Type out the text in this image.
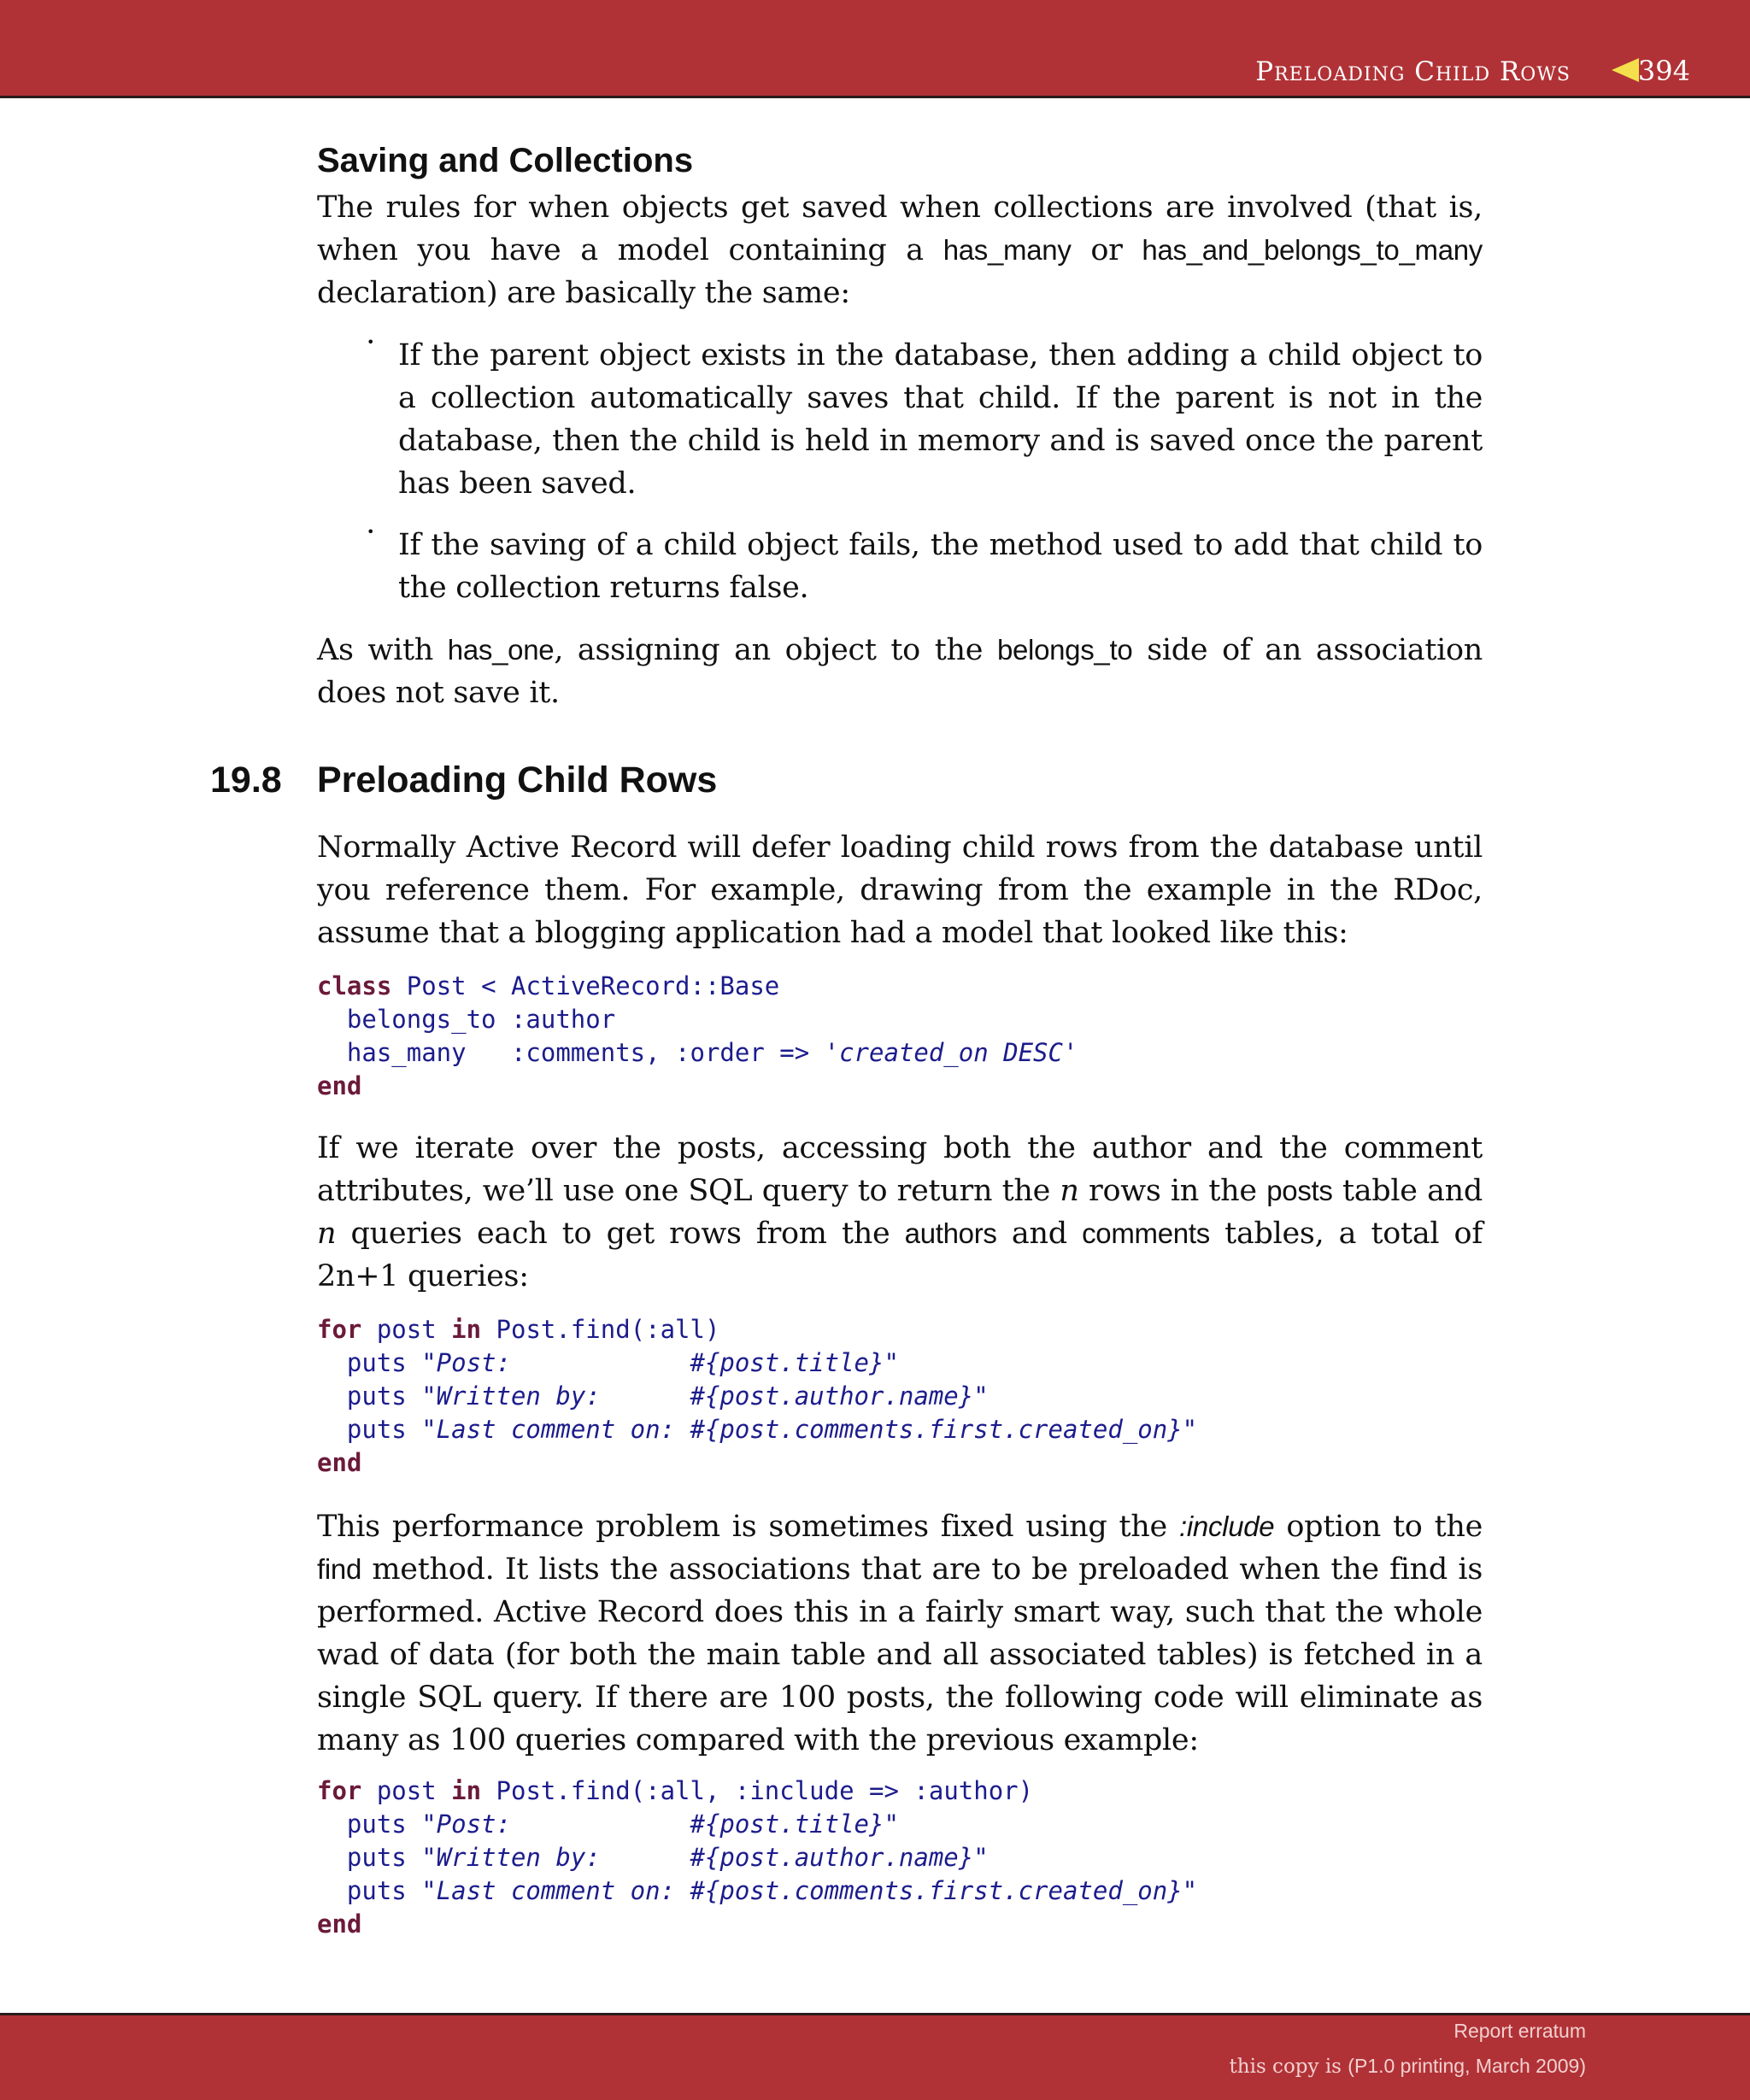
Preloading Child Rows 394
Saving and Collections

The rules for when objects get saved when collections are involved (that is, when you have a model containing a has_many or has_and_belongs_to_many declaration) are basically the same:

• If the parent object exists in the database, then adding a child object to a collection automatically saves that child. If the parent is not in the database, then the child is held in memory and is saved once the parent has been saved.

• If the saving of a child object fails, the method used to add that child to the collection returns false.

As with has_one, assigning an object to the belongs_to side of an association does not save it.

19.8 Preloading Child Rows

Normally Active Record will defer loading child rows from the database until you reference them. For example, drawing from the example in the RDoc, assume that a blogging application had a model that looked like this:

class Post < ActiveRecord::Base
belongs_to :author
has_many   :comments, :order => 'created_on DESC'
end

If we iterate over the posts, accessing both the author and the comment attributes, we’ll use one SQL query to return the n rows in the posts table and n queries each to get rows from the authors and comments tables, a total of 2n+1 queries:

for post in Post.find(:all)
puts "Post:            #{post.title}"
puts "Written by:      #{post.author.name}"
puts "Last comment on: #{post.comments.first.created_on}"
end

This performance problem is sometimes fixed using the :include option to the find method. It lists the associations that are to be preloaded when the find is performed. Active Record does this in a fairly smart way, such that the whole wad of data (for both the main table and all associated tables) is fetched in a single SQL query. If there are 100 posts, the following code will eliminate as many as 100 queries compared with the previous example:

for post in Post.find(:all, :include => :author)
puts "Post:            #{post.title}"
puts "Written by:      #{post.author.name}"
puts "Last comment on: #{post.comments.first.created_on}"
end
Report erratum
this copy is (P1.0 printing, March 2009)
